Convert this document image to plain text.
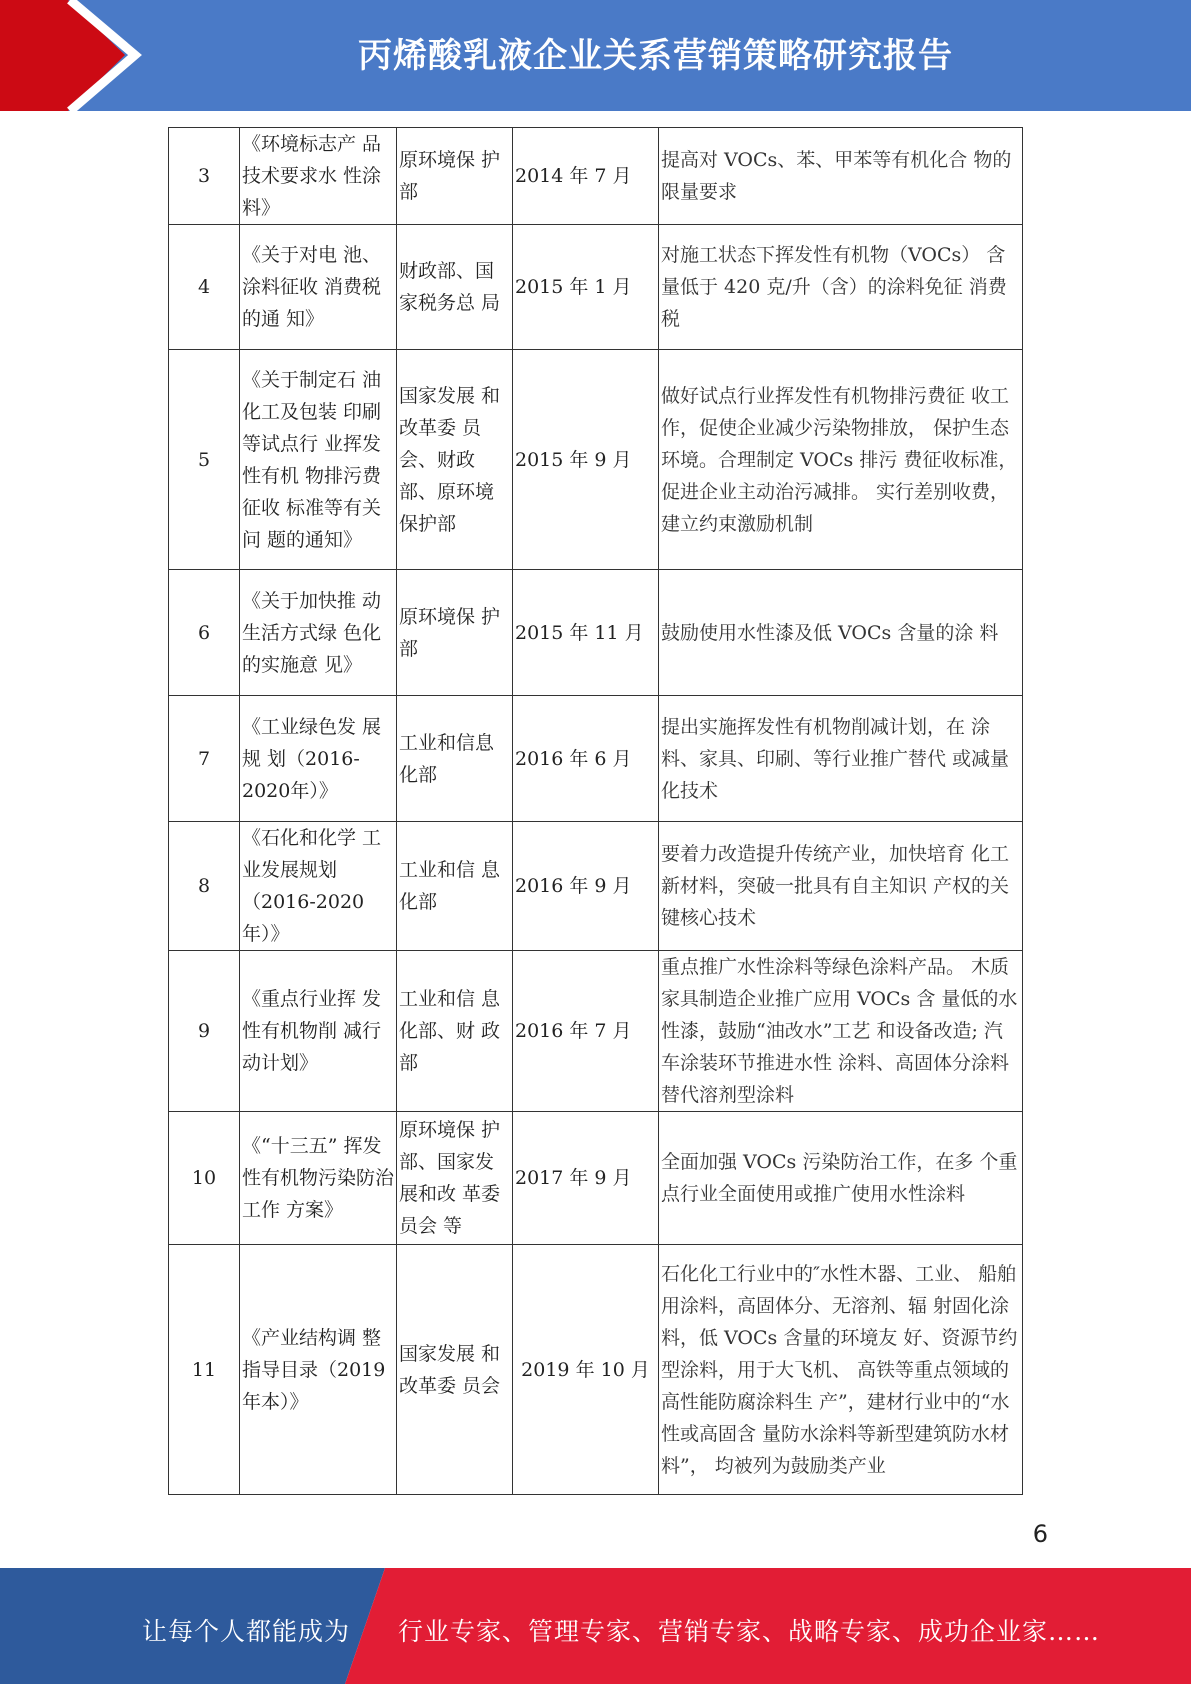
丙烯酸乳液企业关系营销策略研究报告
3	《环境标志产 品技术要求水 性涂料》	原环境保 护部	2014 年 7 月	提高对 VOCs、苯、甲苯等有机化合 物的限量要求
4	《关于对电 池、涂料征收 消费税的通 知》	财政部、国 家税务总 局	2015 年 1 月	对施工状态下挥发性有机物（VOCs） 含量低于 420 克/升（含）的涂料免征 消费税
5	《关于制定石 油化工及包装 印刷等试点行 业挥发性有机 物排污费征收 标准等有关问 题的通知》	国家发展 和改革委 员会、财政 部、原环境 保护部	2015 年 9 月	做好试点行业挥发性有机物排污费征 收工作，促使企业减少污染物排放， 保护生态环境。合理制定 VOCs 排污 费征收标准，促进企业主动治污减排。 实行差别收费，建立约束激励机制
6	《关于加快推 动生活方式绿 色化的实施意 见》	原环境保 护部	2015 年 11 月	鼓励使用水性漆及低 VOCs 含量的涂 料
7	《工业绿色发 展规 划（2016-2020年）》	工业和信息化部	2016 年 6 月	提出实施挥发性有机物削减计划，在 涂料、家具、印刷、等行业推广替代 或减量化技术
8	《石化和化学 工业发展规划（2016-2020年）》	工业和信 息化部	2016 年 9 月	要着力改造提升传统产业，加快培育 化工新材料，突破一批具有自主知识 产权的关键核心技术
9	《重点行业挥 发性有机物削 减行动计划》	工业和信 息化部、财 政部	2016 年 7 月	重点推广水性涂料等绿色涂料产品。 木质家具制造企业推广应用 VOCs 含 量低的水性漆，鼓励“油改水”工艺 和设备改造; 汽车涂装环节推进水性 涂料、高固体分涂料替代溶剂型涂料
10	《“十三五” 挥发性有机物污染防治工作 方案》	原环境保 护部、国家发展和改 革委员会 等	2017 年 9 月	全面加强 VOCs 污染防治工作，在多 个重点行业全面使用或推广使用水性涂料
11	《产业结构调 整指导目录（2019 年本）》	国家发展 和改革委 员会	2019 年 10 月	石化化工行业中的″水性木器、工业、 船舶用涂料，高固体分、无溶剂、辐 射固化涂料，低 VOCs 含量的环境友 好、资源节约型涂料，用于大飞机、 高铁等重点领域的高性能防腐涂料生 产”，建材行业中的“水性或高固含 量防水涂料等新型建筑防水材料”， 均被列为鼓励类产业
6
让每个人都能成为 行业专家、管理专家、营销专家、战略专家、成功企业家……
